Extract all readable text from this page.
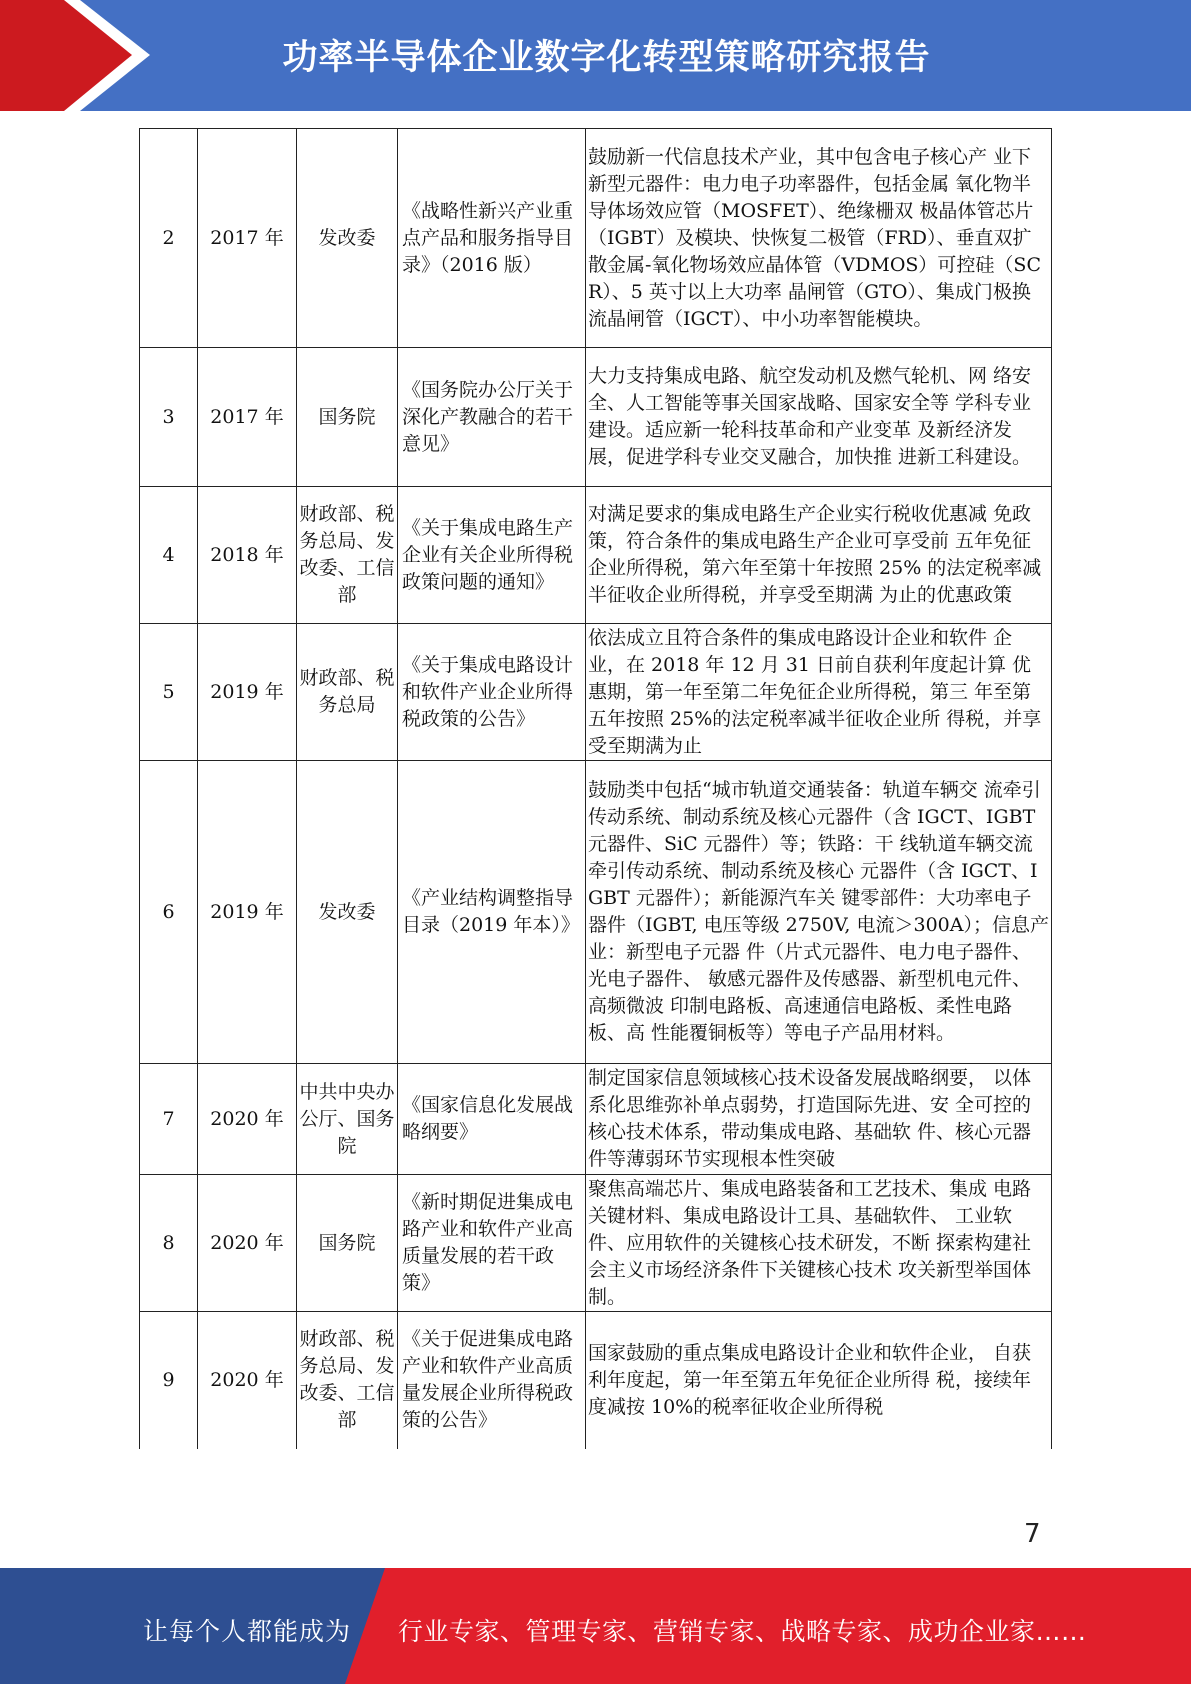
功率半导体企业数字化转型策略研究报告
2	2017 年	发改委	《战略性新兴产业重点产品和服务指导目录》（2016 版）	鼓励新一代信息技术产业，其中包含电子核心产 业下新型元器件：电力电子功率器件，包括金属 氧化物半导体场效应管（MOSFET）、绝缘栅双 极晶体管芯片（IGBT）及模块、快恢复二极管（FRD）、垂直双扩散金属-氧化物场效应晶体管（VDMOS）可控硅（SCR）、5 英寸以上大功率 晶闸管（GTO）、集成门极换流晶闸管（IGCT）、中小功率智能模块。
3	2017 年	国务院	《国务院办公厅关于深化产教融合的若干意见》	大力支持集成电路、航空发动机及燃气轮机、网 络安全、人工智能等事关国家战略、国家安全等 学科专业建设。适应新一轮科技革命和产业变革 及新经济发展，促进学科专业交叉融合，加快推 进新工科建设。
4	2018 年	财政部、税务总局、发改委、工信部	《关于集成电路生产企业有关企业所得税政策问题的通知》	对满足要求的集成电路生产企业实行税收优惠减 免政策，符合条件的集成电路生产企业可享受前 五年免征企业所得税，第六年至第十年按照 25% 的法定税率减半征收企业所得税，并享受至期满 为止的优惠政策
5	2019 年	财政部、税务总局	《关于集成电路设计和软件产业企业所得税政策的公告》	依法成立且符合条件的集成电路设计企业和软件 企业，在 2018 年 12 月 31 日前自获利年度起计算 优惠期，第一年至第二年免征企业所得税，第三 年至第五年按照 25%的法定税率减半征收企业所 得税，并享受至期满为止
6	2019 年	发改委	《产业结构调整指导目录（2019 年本）》	鼓励类中包括“城市轨道交通装备：轨道车辆交 流牵引传动系统、制动系统及核心元器件（含 IGCT、IGBT 元器件、SiC 元器件）等；铁路：干 线轨道车辆交流牵引传动系统、制动系统及核心 元器件（含 IGCT、IGBT 元器件）；新能源汽车关 键零部件：大功率电子器件（IGBT, 电压等级 2750V, 电流＞300A）；信息产业：新型电子元器 件（片式元器件、电力电子器件、光电子器件、 敏感元器件及传感器、新型机电元件、高频微波 印制电路板、高速通信电路板、柔性电路板、高 性能覆铜板等）等电子产品用材料。
7	2020 年	中共中央办公厅、国务院	《国家信息化发展战略纲要》	制定国家信息领域核心技术设备发展战略纲要， 以体系化思维弥补单点弱势，打造国际先进、安 全可控的核心技术体系，带动集成电路、基础软 件、核心元器件等薄弱环节实现根本性突破
8	2020 年	国务院	《新时期促进集成电路产业和软件产业高质量发展的若干政策》	聚焦高端芯片、集成电路装备和工艺技术、集成 电路关键材料、集成电路设计工具、基础软件、 工业软件、应用软件的关键核心技术研发，不断 探索构建社会主义市场经济条件下关键核心技术 攻关新型举国体制。
9	2020 年	财政部、税务总局、发改委、工信部	《关于促进集成电路产业和软件产业高质量发展企业所得税政策的公告》	国家鼓励的重点集成电路设计企业和软件企业， 自获利年度起，第一年至第五年免征企业所得 税，接续年度减按 10%的税率征收企业所得税
7
让每个人都能成为 行业专家、管理专家、营销专家、战略专家、成功企业家……
